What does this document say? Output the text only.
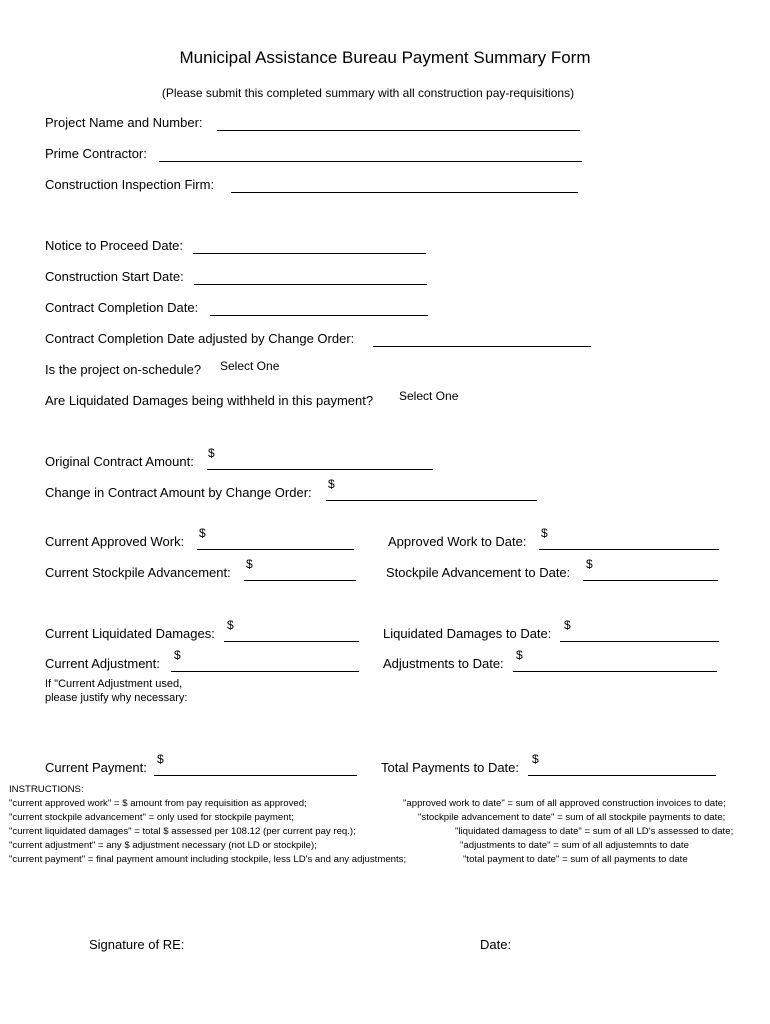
Municipal Assistance Bureau Payment Summary Form
(Please submit this completed summary with all construction pay-requisitions)
Project Name and Number:
Prime Contractor:
Construction Inspection Firm:
Notice to Proceed Date:
Construction Start Date:
Contract Completion Date:
Contract Completion Date adjusted by Change Order:
Is the project on-schedule? Select One
Are Liquidated Damages being withheld in this payment? Select One
Original Contract Amount:
$
Change in Contract Amount by Change Order:
$
Current Approved Work:
$
Approved Work to Date:
$
Current Stockpile Advancement:
$
Stockpile Advancement to Date:
$
Current Liquidated Damages:
$
Liquidated Damages to Date:
$
Current Adjustment:
$
Adjustments to Date:
$
If "Current Adjustment used,
please justify why necessary:
Current Payment:
$
Total Payments to Date:
$
INSTRUCTIONS:
"current approved work" = $ amount from pay requisition as approved;
"current stockpile advancement" = only used for stockpile payment;
"current liquidated damages" = total $ assessed per 108.12 (per current pay req.);
"current adjustment" = any $ adjustment necessary (not LD or stockpile);
"current payment" = final payment amount including stockpile, less LD's and any adjustments;
"approved work to date" = sum of all approved construction invoices to date;
"stockpile advancement to date" = sum of all stockpile payments to date;
"liquidated damagess to date" = sum of all LD's assessed to date;
"adjustments to date" = sum of all adjustemnts to date
"total payment to date" = sum of all payments to date
Signature of RE:	Date:
